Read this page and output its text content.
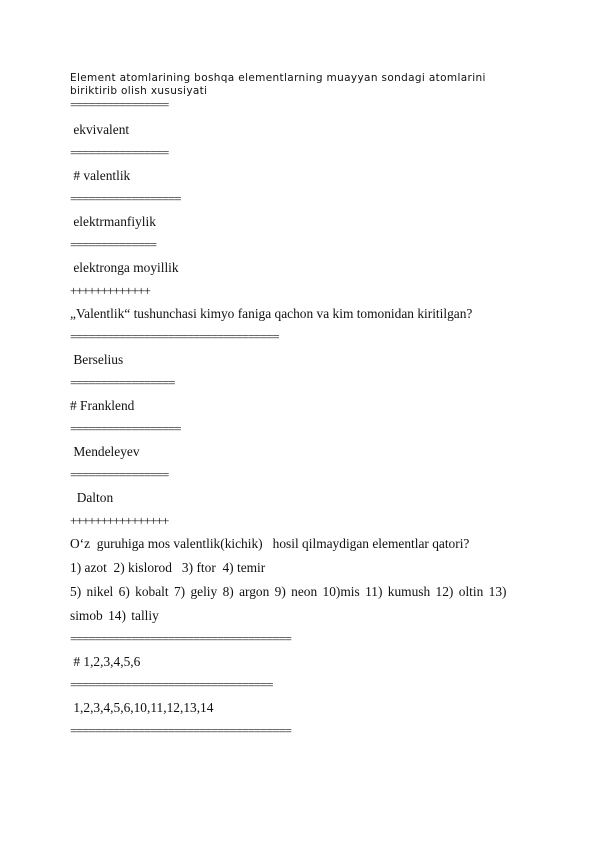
Element atomlarining boshqa elementlarning muayyan sondagi atomlarini biriktirib olish xususiyati

================
ekvivalent
================
# valentlik
==================
elektrmanfiylik
==============
elektronga moyillik
+++++++++++++
„Valentlik“ tushunchasi kimyo faniga qachon va kim tomonidan kiritilgan?
==================================
Berselius
=================
# Franklend
==================
Mendeleyev
================
Dalton
++++++++++++++++
O‘z  guruhiga mos valentlik(kichik)   hosil qilmaydigan elementlar qatori?
1) azot  2) kislorod   3) ftor  4) temir
5) nikel 6) kobalt 7) geliy 8) argon 9) neon 10)mis 11) kumush 12) oltin 13) simob 14) talliy
====================================
# 1,2,3,4,5,6
=================================
1,2,3,4,5,6,10,11,12,13,14
====================================
